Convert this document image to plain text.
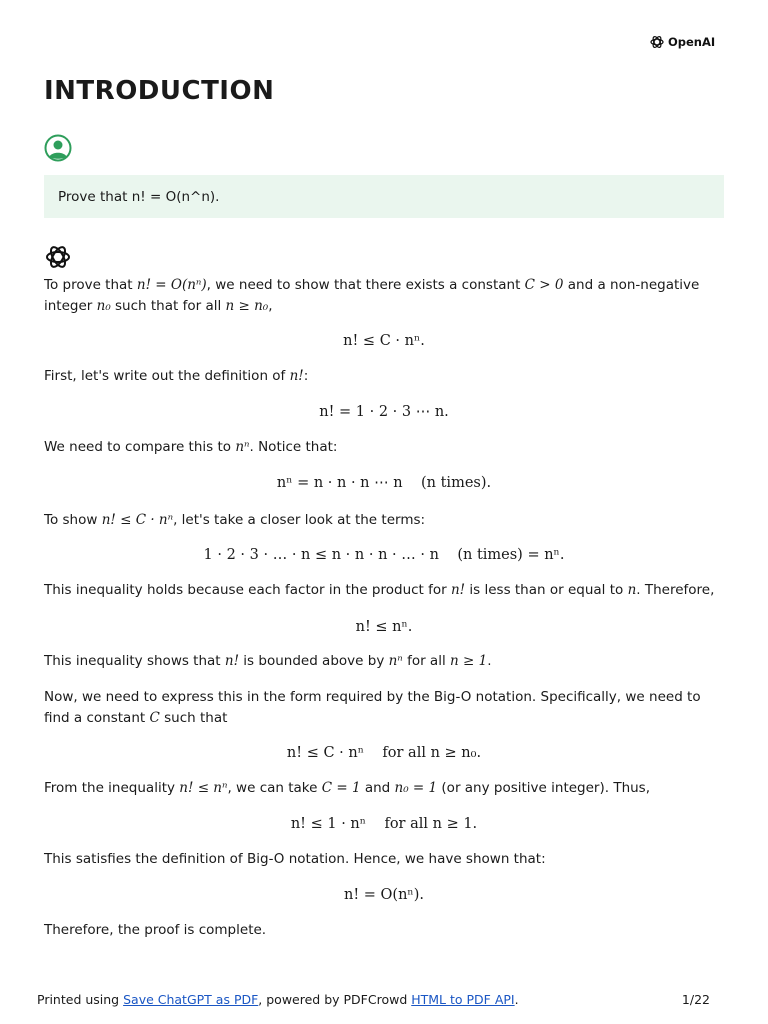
OpenAI
INTRODUCTION
Prove that n! = O(n^n).

To prove that n! = O(nⁿ), we need to show that there exists a constant C > 0 and a non-negative integer n₀ such that for all n ≥ n₀,

n! ≤ C · nⁿ.

First, let's write out the definition of n!:

n! = 1 · 2 · 3 ⋯ n.

We need to compare this to nⁿ. Notice that:

nⁿ = n · n · n ⋯ n    (n times).

To show n! ≤ C · nⁿ, let's take a closer look at the terms:

1 · 2 · 3 · … · n ≤ n · n · n · … · n    (n times) = nⁿ.

This inequality holds because each factor in the product for n! is less than or equal to n. Therefore,

n! ≤ nⁿ.

This inequality shows that n! is bounded above by nⁿ for all n ≥ 1.

Now, we need to express this in the form required by the Big-O notation. Specifically, we need to find a constant C such that

n! ≤ C · nⁿ    for all n ≥ n₀.

From the inequality n! ≤ nⁿ, we can take C = 1 and n₀ = 1 (or any positive integer). Thus,

n! ≤ 1 · nⁿ    for all n ≥ 1.

This satisfies the definition of Big-O notation. Hence, we have shown that:

n! = O(nⁿ).

Therefore, the proof is complete.

Printed using Save ChatGPT as PDF, powered by PDFCrowd HTML to PDF API.	1/22
